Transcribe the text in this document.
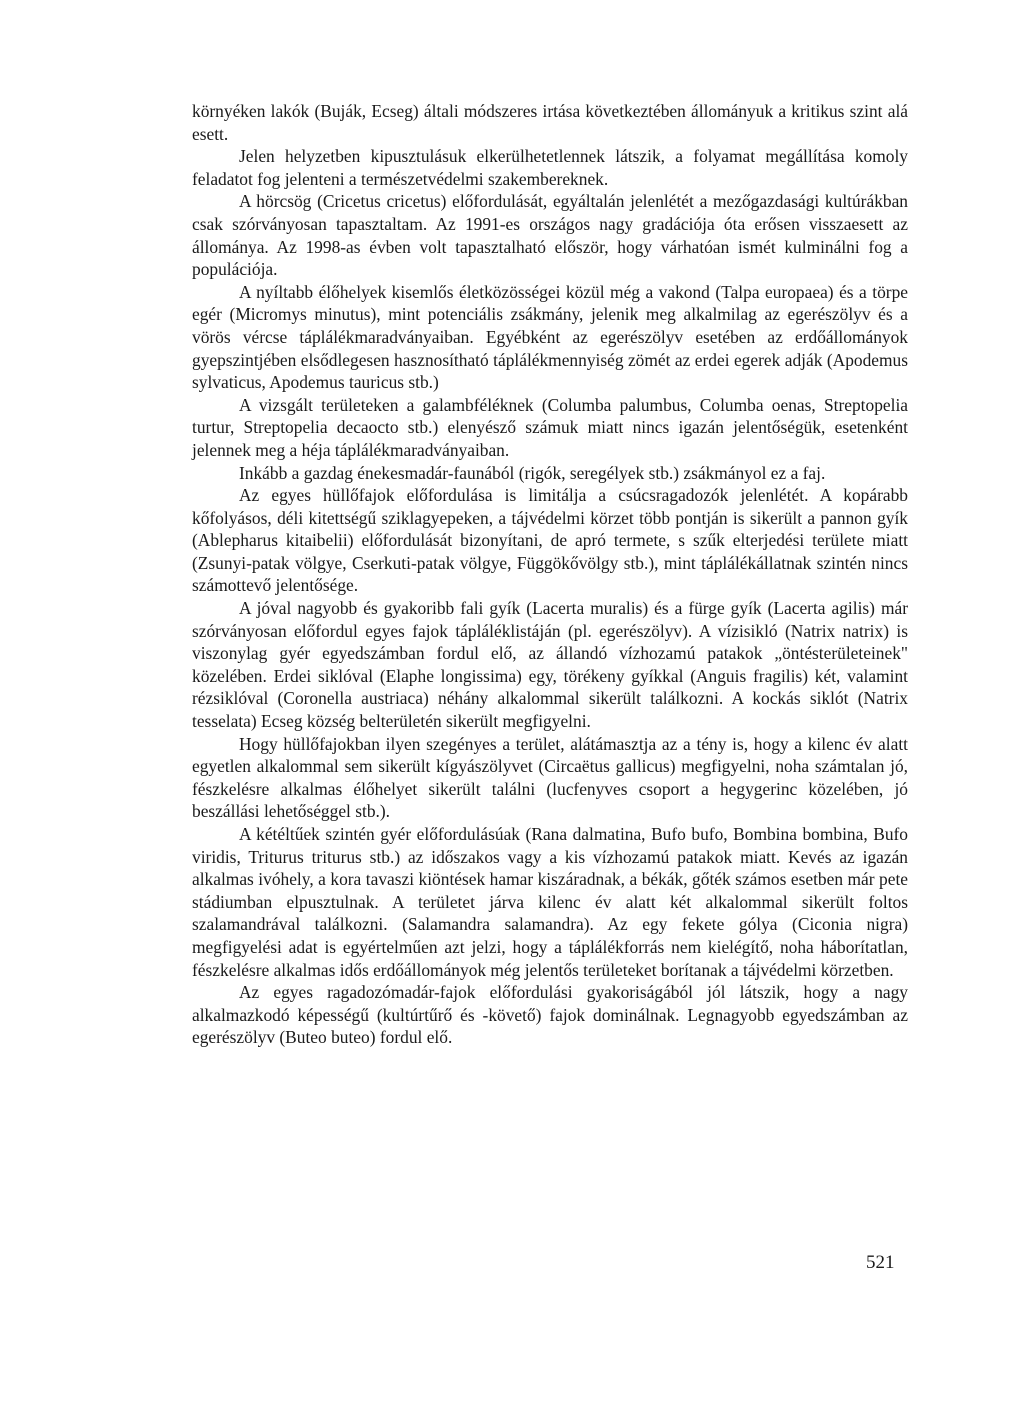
környéken lakók (Buják, Ecseg) általi módszeres irtása következtében állományuk a kritikus szint alá esett.

Jelen helyzetben kipusztulásuk elkerülhetetlennek látszik, a folyamat megállítása komoly feladatot fog jelenteni a természetvédelmi szakembereknek.

A hörcsög (Cricetus cricetus) előfordulását, egyáltalán jelenlétét a mezőgazdasági kultúrákban csak szórványosan tapasztaltam. Az 1991-es országos nagy gradációja óta erősen visszaesett az állománya. Az 1998-as évben volt tapasztalható először, hogy várhatóan ismét kulminálni fog a populációja.

A nyíltabb élőhelyek kisemlős életközösségei közül még a vakond (Talpa europaea) és a törpe egér (Micromys minutus), mint potenciális zsákmány, jelenik meg alkalmilag az egerészölyv és a vörös vércse táplálékmaradványaiban. Egyébként az egerészölyv esetében az erdőállományok gyepszintjében elsődlegesen hasznosítható táplálékmennyiség zömét az erdei egerek adják (Apodemus sylvaticus, Apodemus tauricus stb.)

A vizsgált területeken a galambféléknek (Columba palumbus, Columba oenas, Streptopelia turtur, Streptopelia decaocto stb.) elenyésző számuk miatt nincs igazán jelentőségük, esetenként jelennek meg a héja táplálékmaradványaiban.

Inkább a gazdag énekesmadár-faunából (rigók, seregélyek stb.) zsákmányol ez a faj.

Az egyes hüllőfajok előfordulása is limitálja a csúcsragadozók jelenlétét. A kopárabb kőfolyásos, déli kitettségű sziklagyepeken, a tájvédelmi körzet több pontján is sikerült a pannon gyík (Ablepharus kitaibelii) előfordulását bizonyítani, de apró termete, s szűk elterjedési területe miatt (Zsunyi-patak völgye, Cserkuti-patak völgye, Függökővölgy stb.), mint táplálékállatnak szintén nincs számottevő jelentősége.

A jóval nagyobb és gyakoribb fali gyík (Lacerta muralis) és a fürge gyík (Lacerta agilis) már szórványosan előfordul egyes fajok tápláléklistáján (pl. egerészölyv). A vízisikló (Natrix natrix) is viszonylag gyér egyedszámban fordul elő, az állandó vízhozamú patakok „öntésterületeinek" közelében. Erdei siklóval (Elaphe longissima) egy, törékeny gyíkkal (Anguis fragilis) két, valamint rézsiklóval (Coronella austriaca) néhány alkalommal sikerült találkozni. A kockás siklót (Natrix tesselata) Ecseg község belterületén sikerült megfigyelni.

Hogy hüllőfajokban ilyen szegényes a terület, alátámasztja az a tény is, hogy a kilenc év alatt egyetlen alkalommal sem sikerült kígyászölyvet (Circaëtus gallicus) megfigyelni, noha számtalan jó, fészkelésre alkalmas élőhelyet sikerült találni (lucfenyves csoport a hegygerinc közelében, jó beszállási lehetőséggel stb.).

A kétéltűek szintén gyér előfordulásúak (Rana dalmatina, Bufo bufo, Bombina bombina, Bufo viridis, Triturus triturus stb.) az időszakos vagy a kis vízhozamú patakok miatt. Kevés az igazán alkalmas ivóhely, a kora tavaszi kiöntések hamar kiszáradnak, a békák, gőték számos esetben már pete stádiumban elpusztulnak. A területet járva kilenc év alatt két alkalommal sikerült foltos szalamandrával találkozni. (Salamandra salamandra). Az egy fekete gólya (Ciconia nigra) megfigyelési adat is egyértelműen azt jelzi, hogy a táplálékforrás nem kielégítő, noha háborítatlan, fészkelésre alkalmas idős erdőállományok még jelentős területeket borítanak a tájvédelmi körzetben.

Az egyes ragadozómadár-fajok előfordulási gyakoriságából jól látszik, hogy a nagy alkalmazkodó képességű (kultúrtűrő és -követő) fajok dominálnak. Legnagyobb egyedszámban az egerészölyv (Buteo buteo) fordul elő.

521
